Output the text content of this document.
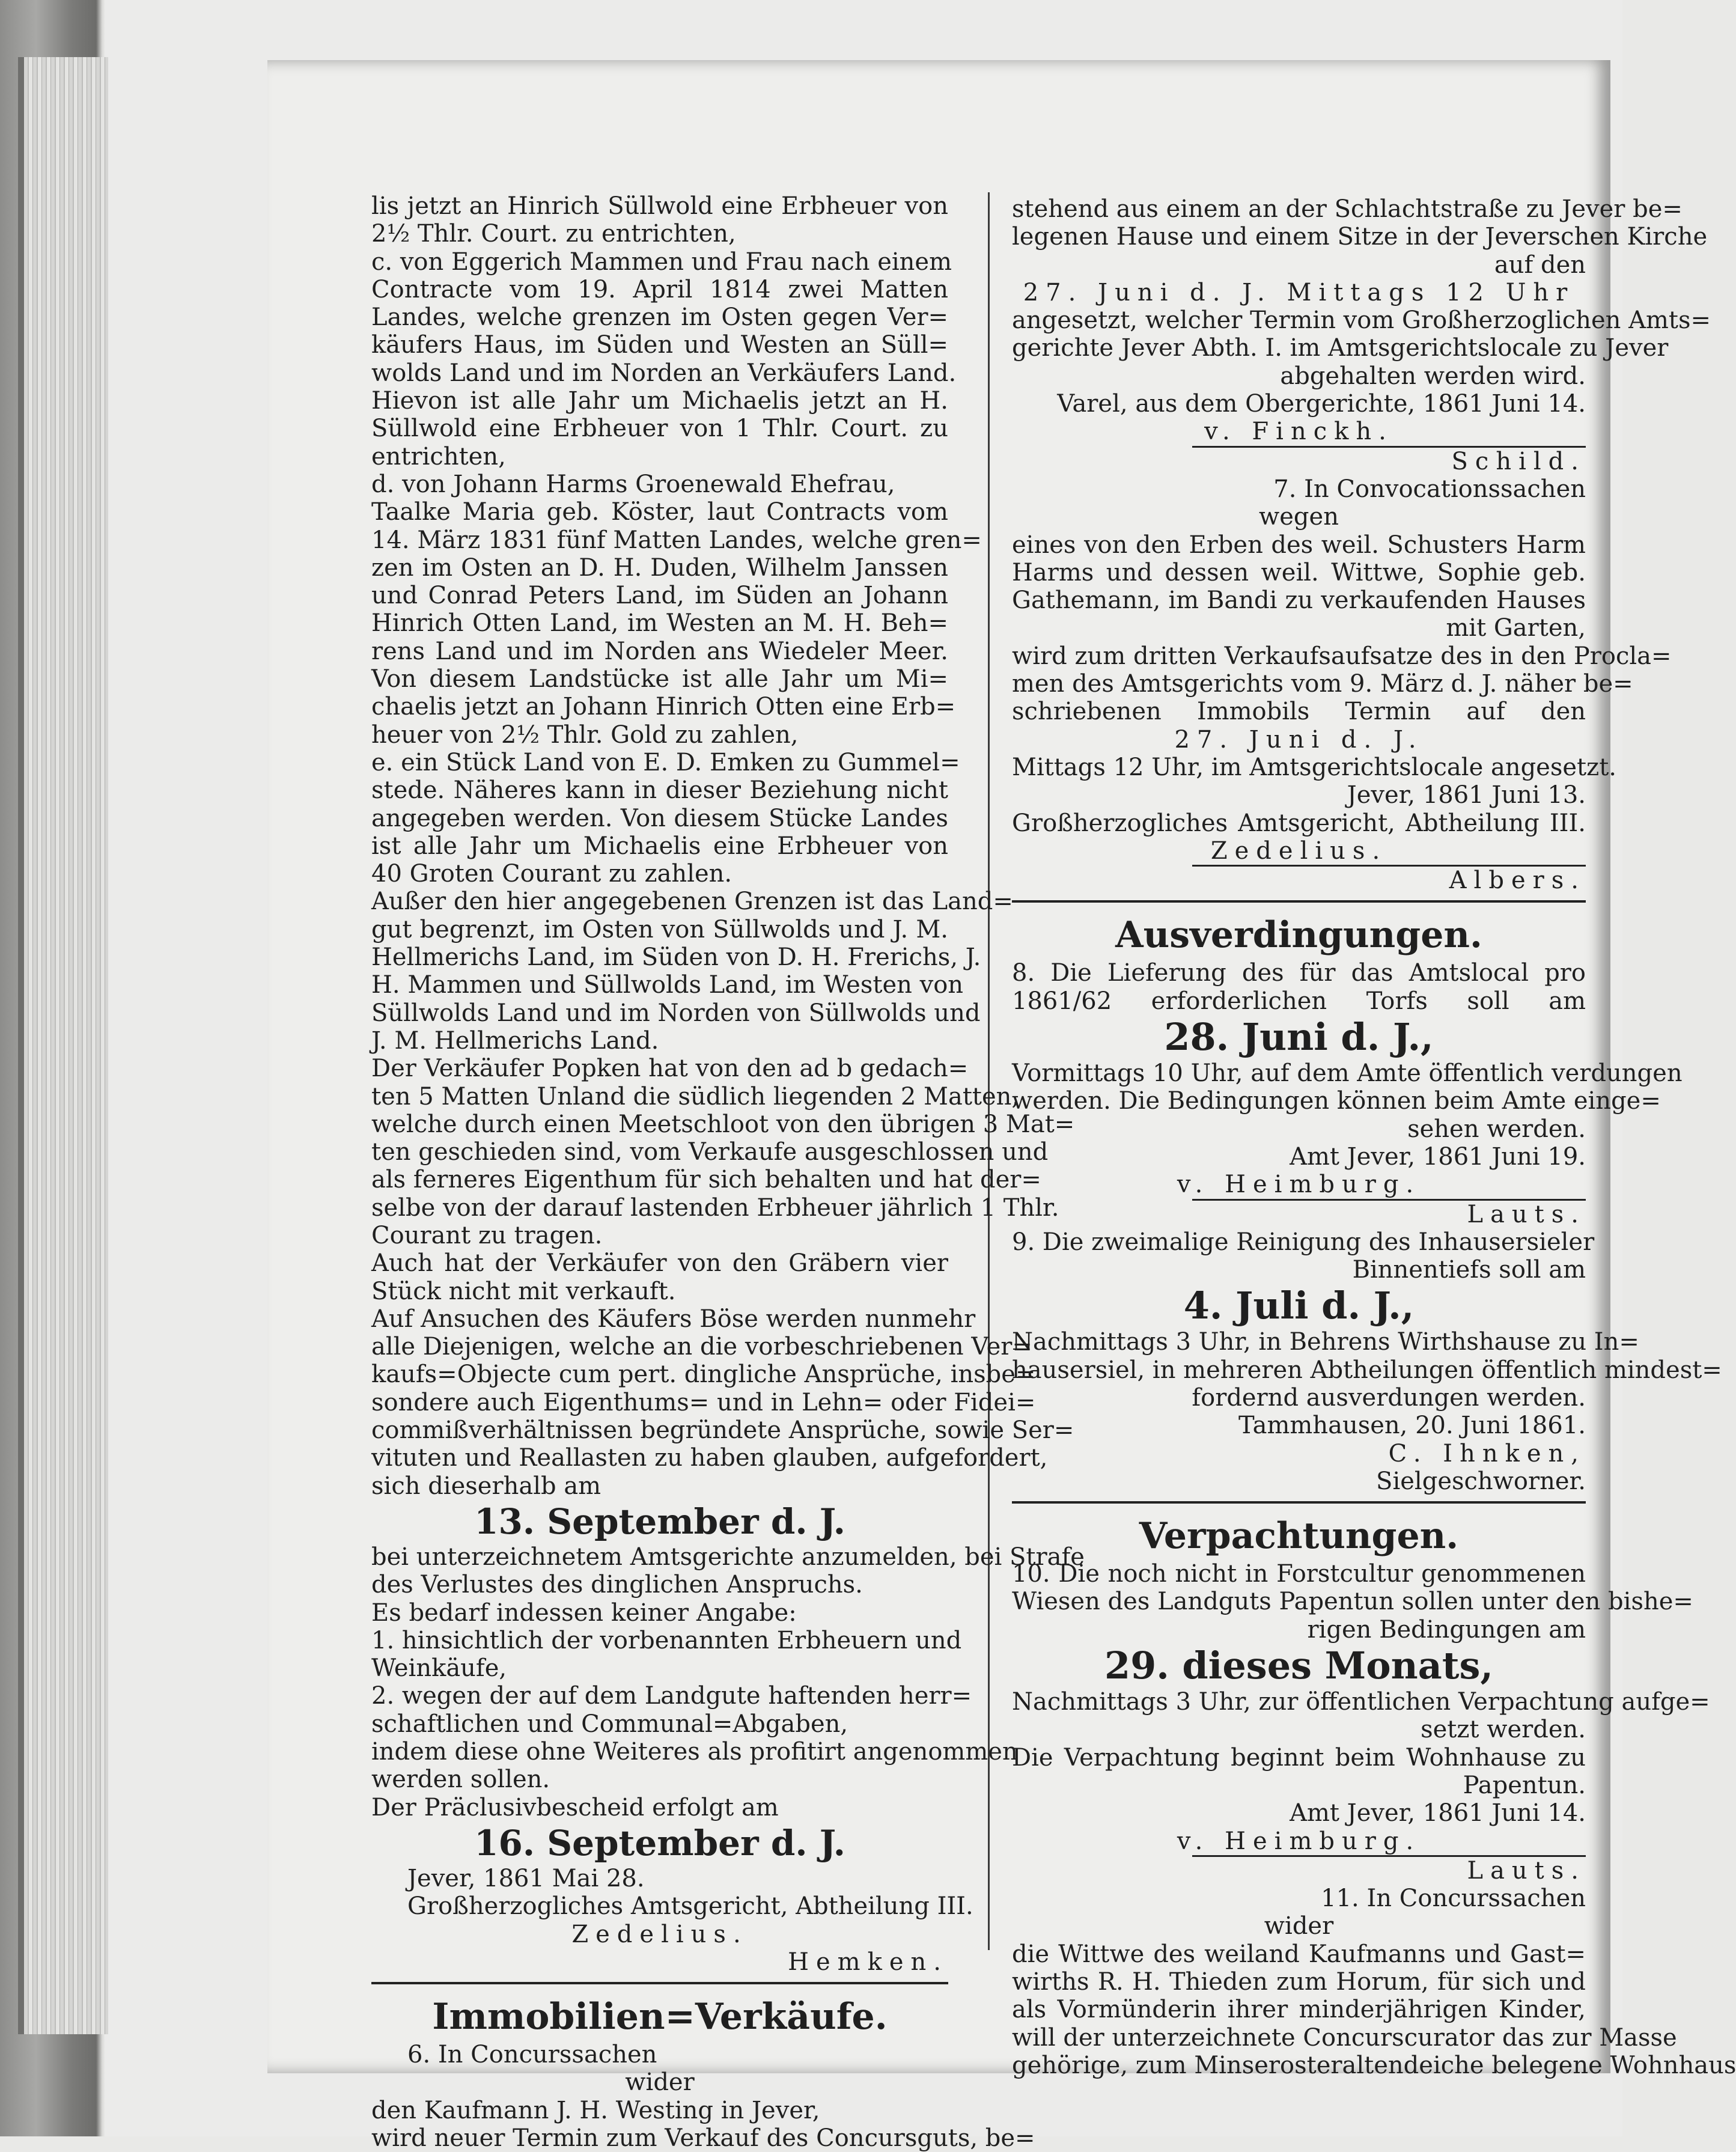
lis jetzt an Hinrich Süllwold eine Erbheuer von
2½ Thlr. Court. zu entrichten,
c. von Eggerich Mammen und Frau nach einem
Contracte vom 19. April 1814 zwei Matten
Landes, welche grenzen im Osten gegen Ver=
käufers Haus, im Süden und Westen an Süll=
wolds Land und im Norden an Verkäufers Land.
Hievon ist alle Jahr um Michaelis jetzt an H.
Süllwold eine Erbheuer von 1 Thlr. Court. zu
entrichten,
d. von Johann Harms Groenewald Ehefrau,
Taalke Maria geb. Köster, laut Contracts vom
14. März 1831 fünf Matten Landes, welche gren=
zen im Osten an D. H. Duden, Wilhelm Janssen
und Conrad Peters Land, im Süden an Johann
Hinrich Otten Land, im Westen an M. H. Beh=
rens Land und im Norden ans Wiedeler Meer.
Von diesem Landstücke ist alle Jahr um Mi=
chaelis jetzt an Johann Hinrich Otten eine Erb=
heuer von 2½ Thlr. Gold zu zahlen,
e. ein Stück Land von E. D. Emken zu Gummel=
stede. Näheres kann in dieser Beziehung nicht
angegeben werden. Von diesem Stücke Landes
ist alle Jahr um Michaelis eine Erbheuer von
40 Groten Courant zu zahlen.
Außer den hier angegebenen Grenzen ist das Land=
gut begrenzt, im Osten von Süllwolds und J. M.
Hellmerichs Land, im Süden von D. H. Frerichs, J.
H. Mammen und Süllwolds Land, im Westen von
Süllwolds Land und im Norden von Süllwolds und
J. M. Hellmerichs Land.
Der Verkäufer Popken hat von den ad b gedach=
ten 5 Matten Unland die südlich liegenden 2 Matten,
welche durch einen Meetschloot von den übrigen 3 Mat=
ten geschieden sind, vom Verkaufe ausgeschlossen und
als ferneres Eigenthum für sich behalten und hat der=
selbe von der darauf lastenden Erbheuer jährlich 1 Thlr.
Courant zu tragen.
Auch hat der Verkäufer von den Gräbern vier
Stück nicht mit verkauft.
Auf Ansuchen des Käufers Böse werden nunmehr
alle Diejenigen, welche an die vorbeschriebenen Ver=
kaufs=Objecte cum pert. dingliche Ansprüche, insbe=
sondere auch Eigenthums= und in Lehn= oder Fidei=
commißverhältnissen begründete Ansprüche, sowie Ser=
vituten und Reallasten zu haben glauben, aufgefordert,
sich dieserhalb am
13. September d. J.
bei unterzeichnetem Amtsgerichte anzumelden, bei Strafe
des Verlustes des dinglichen Anspruchs.
Es bedarf indessen keiner Angabe:
1. hinsichtlich der vorbenannten Erbheuern und
Weinkäufe,
2. wegen der auf dem Landgute haftenden herr=
schaftlichen und Communal=Abgaben,
indem diese ohne Weiteres als profitirt angenommen
werden sollen.
Der Präclusivbescheid erfolgt am
16. September d. J.
Jever, 1861 Mai 28.
Großherzogliches Amtsgericht, Abtheilung III.
Zedelius.
Hemken.
Immobilien=Verkäufe.
6. In Concurssachen
wider
den Kaufmann J. H. Westing in Jever,
wird neuer Termin zum Verkauf des Concursguts, be=
stehend aus einem an der Schlachtstraße zu Jever be=
legenen Hause und einem Sitze in der Jeverschen Kirche
auf den
27. Juni d. J. Mittags 12 Uhr
angesetzt, welcher Termin vom Großherzoglichen Amts=
gerichte Jever Abth. I. im Amtsgerichtslocale zu Jever
abgehalten werden wird.
Varel, aus dem Obergerichte, 1861 Juni 14.
v. Finckh.
Schild.
7. In Convocationssachen
wegen
eines von den Erben des weil. Schusters Harm
Harms und dessen weil. Wittwe, Sophie geb.
Gathemann, im Bandi zu verkaufenden Hauses
mit Garten,
wird zum dritten Verkaufsaufsatze des in den Procla=
men des Amtsgerichts vom 9. März d. J. näher be=
schriebenen Immobils Termin auf den
27. Juni d. J.
Mittags 12 Uhr, im Amtsgerichtslocale angesetzt.
Jever, 1861 Juni 13.
Großherzogliches Amtsgericht, Abtheilung III.
Zedelius.
Albers.
Ausverdingungen.
8. Die Lieferung des für das Amtslocal pro
1861/62 erforderlichen Torfs soll am
28. Juni d. J.,
Vormittags 10 Uhr, auf dem Amte öffentlich verdungen
werden. Die Bedingungen können beim Amte einge=
sehen werden.
Amt Jever, 1861 Juni 19.
v. Heimburg.
Lauts.
9. Die zweimalige Reinigung des Inhausersieler
Binnentiefs soll am
4. Juli d. J.,
Nachmittags 3 Uhr, in Behrens Wirthshause zu In=
hausersiel, in mehreren Abtheilungen öffentlich mindest=
fordernd ausverdungen werden.
Tammhausen, 20. Juni 1861.
C. Ihnken,
Sielgeschworner.
Verpachtungen.
10. Die noch nicht in Forstcultur genommenen
Wiesen des Landguts Papentun sollen unter den bishe=
rigen Bedingungen am
29. dieses Monats,
Nachmittags 3 Uhr, zur öffentlichen Verpachtung aufge=
setzt werden.
Die Verpachtung beginnt beim Wohnhause zu
Papentun.
Amt Jever, 1861 Juni 14.
v. Heimburg.
Lauts.
11. In Concurssachen
wider
die Wittwe des weiland Kaufmanns und Gast=
wirths R. H. Thieden zum Horum, für sich und
als Vormünderin ihrer minderjährigen Kinder,
will der unterzeichnete Concurscurator das zur Masse
gehörige, zum Minserosteraltendeiche belegene Wohnhaus
